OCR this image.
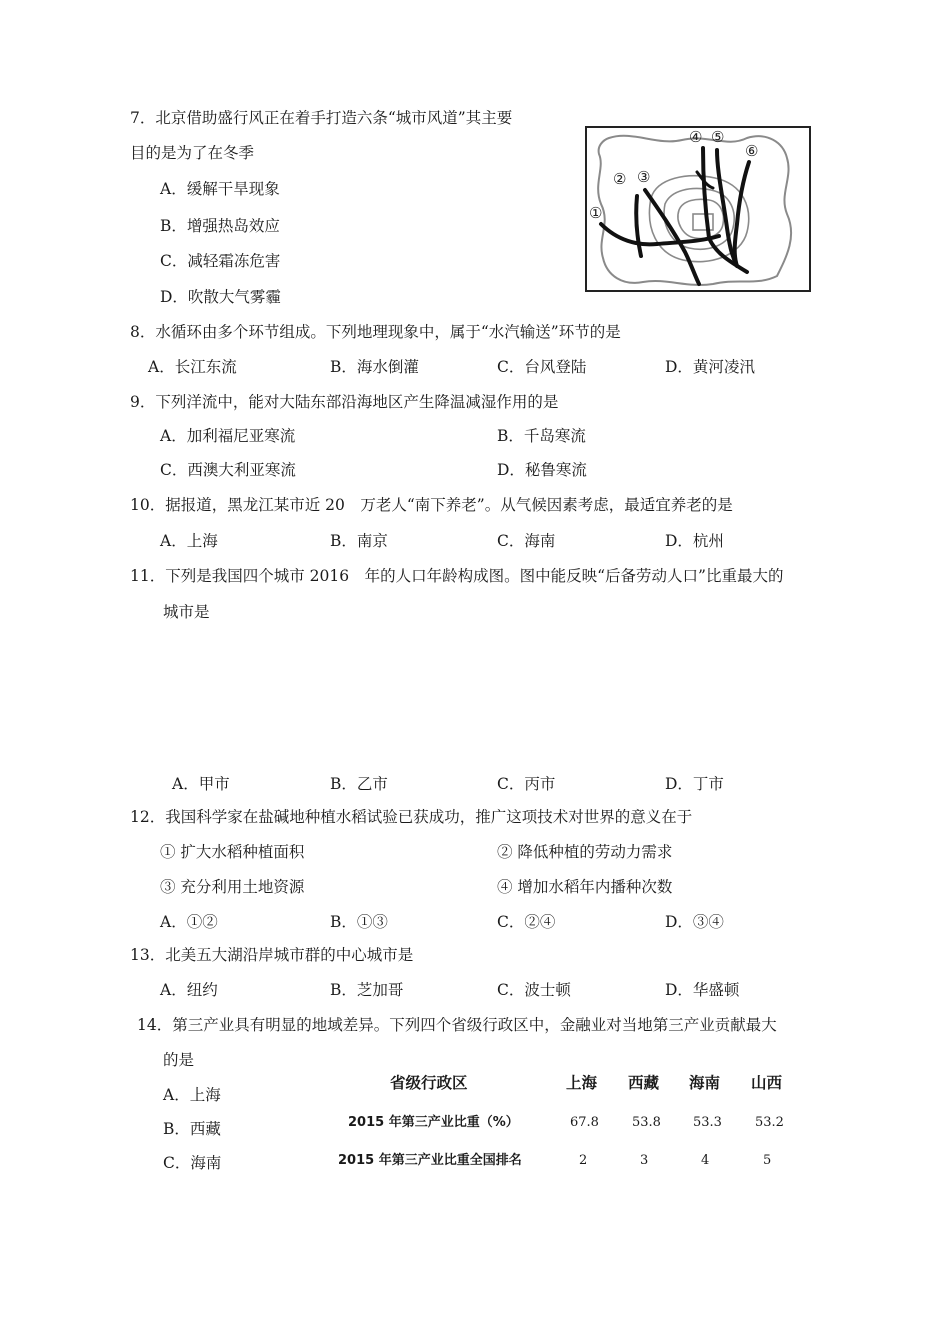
7．北京借助盛行风正在着手打造六条“城市风道”其主要
目的是为了在冬季
A．缓解干旱现象
B．增强热岛效应
C．减轻霜冻危害
D．吹散大气雾霾
①
② ③
④ ⑤
⑥
8．水循环由多个环节组成。下列地理现象中，属于“水汽输送”环节的是
A．长江东流	B．海水倒灌	C．台风登陆	D．黄河凌汛
9．下列洋流中，能对大陆东部沿海地区产生降温减湿作用的是
A．加利福尼亚寒流	B．千岛寒流
C．西澳大利亚寒流	D．秘鲁寒流
10．据报道，黑龙江某市近 20　万老人“南下养老”。从气候因素考虑，最适宜养老的是
A．上海	B．南京	C．海南	D．杭州
11．下列是我国四个城市 2016　年的人口年龄构成图。图中能反映“后备劳动人口”比重最大的
城市是
A．甲市	B．乙市	C．丙市	D．丁市
12．我国科学家在盐碱地种植水稻试验已获成功，推广这项技术对世界的意义在于
① 扩大水稻种植面积	② 降低种植的劳动力需求
③ 充分利用土地资源	④ 增加水稻年内播种次数
A．①②	B．①③	C．②④	D．③④
13．北美五大湖沿岸城市群的中心城市是
A．纽约	B．芝加哥	C．波士顿	D．华盛顿
14．第三产业具有明显的地域差异。下列四个省级行政区中，金融业对当地第三产业贡献最大
的是
A．上海
B．西藏
C．海南
省级行政区	上海 西藏 海南 山西
2015 年第三产业比重（%）	67.8	53.8 53.3	53.2
2015 年第三产业比重全国排名	2	3	4	5
